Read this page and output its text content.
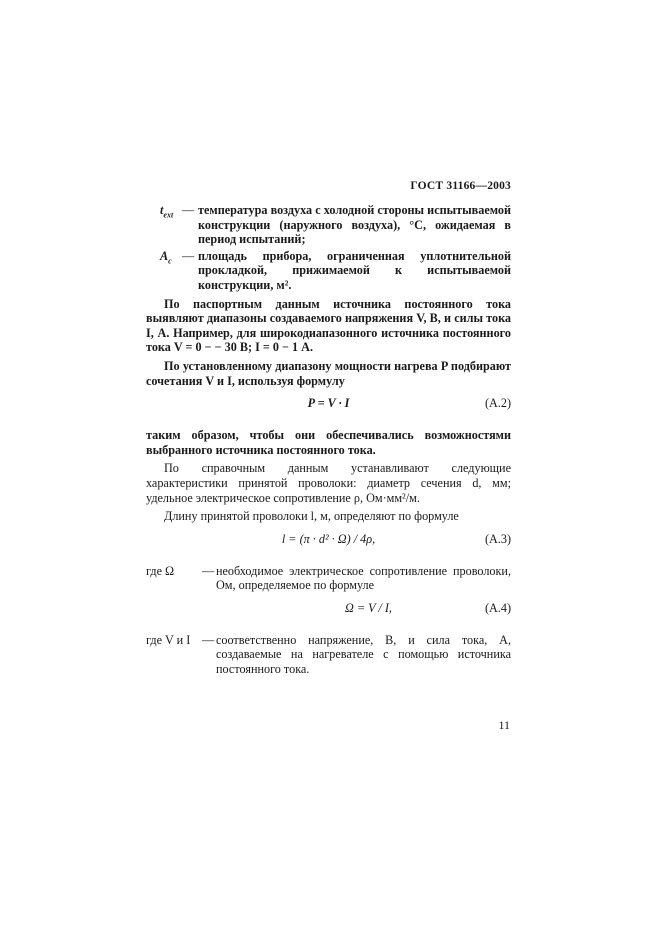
ГОСТ 31166—2003
$t_{ext}$ — температура воздуха с холодной стороны испытываемой конструкции (наружного воздуха), °С, ожидаемая в период испытаний;
$A_c$ — площадь прибора, ограниченная уплотнительной прокладкой, прижимаемой к испытываемой конструкции, м².

По паспортным данным источника постоянного тока выявляют диапазоны создаваемого напряжения V, В, и силы тока I, А. Например, для широкодиапазонного источника постоянного тока V = 0 − − 30 В; I = 0 − 1 А.

По установленному диапазону мощности нагрева P подбирают сочетания V и I, используя формулу

P = V · I	(А.2)

таким образом, чтобы они обеспечивались возможностями выбранного источника постоянного тока.

По справочным данным устанавливают следующие характеристики принятой проволоки: диаметр сечения d, мм; удельное электрическое сопротивление ρ, Ом·мм²/м.

Длину принятой проволоки l, м, определяют по формуле

l = (π · d² · Ω) / 4ρ,	(А.3)
где Ω	— необходимое электрическое сопротивление проволоки, Ом, определяемое по формуле
Ω = V / I,	(А.4)
где V и I — соответственно напряжение, В, и сила тока, А, создаваемые на нагревателе с помощью источника постоянного тока.
11
